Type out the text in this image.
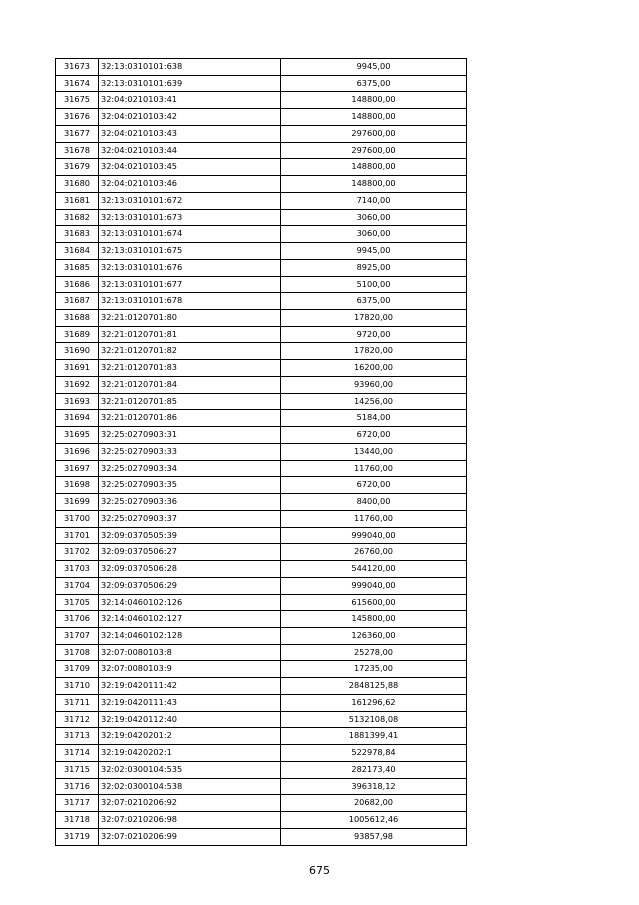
31673	32:13:0310101:638	9945,00
31674	32:13:0310101:639	6375,00
31675	32:04:0210103:41	148800,00
31676	32:04:0210103:42	148800,00
31677	32:04:0210103:43	297600,00
31678	32:04:0210103:44	297600,00
31679	32:04:0210103:45	148800,00
31680	32:04:0210103:46	148800,00
31681	32:13:0310101:672	7140,00
31682	32:13:0310101:673	3060,00
31683	32:13:0310101:674	3060,00
31684	32:13:0310101:675	9945,00
31685	32:13:0310101:676	8925,00
31686	32:13:0310101:677	5100,00
31687	32:13:0310101:678	6375,00
31688	32:21:0120701:80	17820,00
31689	32:21:0120701:81	9720,00
31690	32:21:0120701:82	17820,00
31691	32:21:0120701:83	16200,00
31692	32:21:0120701:84	93960,00
31693	32:21:0120701:85	14256,00
31694	32:21:0120701:86	5184,00
31695	32:25:0270903:31	6720,00
31696	32:25:0270903:33	13440,00
31697	32:25:0270903:34	11760,00
31698	32:25:0270903:35	6720,00
31699	32:25:0270903:36	8400,00
31700	32:25:0270903:37	11760,00
31701	32:09:0370505:39	999040,00
31702	32:09:0370506:27	26760,00
31703	32:09:0370506:28	544120,00
31704	32:09:0370506:29	999040,00
31705	32:14:0460102:126	615600,00
31706	32:14:0460102:127	145800,00
31707	32:14:0460102:128	126360,00
31708	32:07:0080103:8	25278,00
31709	32:07:0080103:9	17235,00
31710	32:19:0420111:42	2848125,88
31711	32:19:0420111:43	161296,62
31712	32:19:0420112:40	5132108,08
31713	32:19:0420201:2	1881399,41
31714	32:19:0420202:1	522978,84
31715	32:02:0300104:535	282173,40
31716	32:02:0300104:538	396318,12
31717	32:07:0210206:92	20682,00
31718	32:07:0210206:98	1005612,46
31719	32:07:0210206:99	93857,98
675
